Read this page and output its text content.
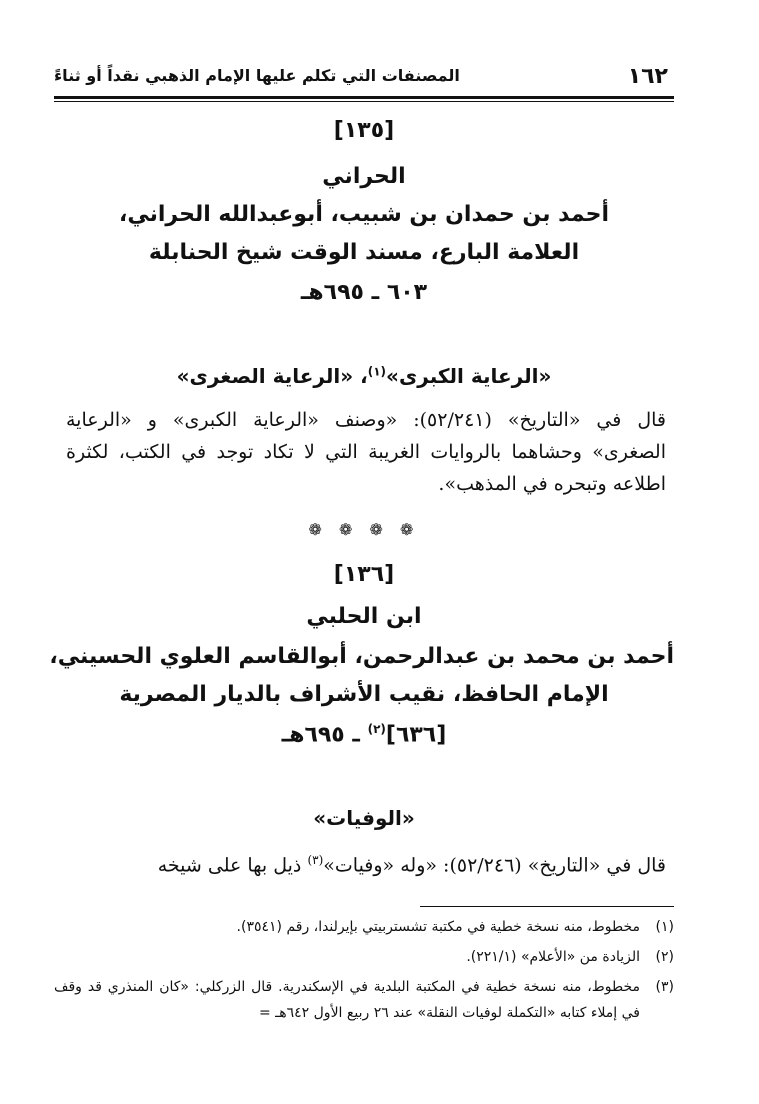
١٦٢
المصنفات التي تكلم عليها الإمام الذهبي نقداً أو ثناءً
[١٣٥]
الحراني
أحمد بن حمدان بن شبيب، أبوعبدالله الحراني،
العلامة البارع، مسند الوقت شيخ الحنابلة
٦٠٣ ـ ٦٩٥هـ
«الرعاية الكبرى»$^{(١)}$، «الرعاية الصغرى»
قال في «التاريخ» (٥٢/٢٤١): «وصنف «الرعاية الكبرى» و «الرعاية الصغرى» وحشاهما بالروايات الغريبة التي لا تكاد توجد في الكتب، لكثرة اطلاعه وتبحره في المذهب».
❁ ❁ ❁ ❁
[١٣٦]
ابن الحلبي
أحمد بن محمد بن عبدالرحمن، أبوالقاسم العلوي الحسيني،
الإمام الحافظ، نقيب الأشراف بالديار المصرية
[٦٣٦]$^{(٢)}$ ـ ٦٩٥هـ
«الوفيات»
قال في «التاريخ» (٥٢/٢٤٦): «وله «وفيات»$^{(٣)}$ ذيل بها على شيخه
(١)
مخطوط، منه نسخة خطية في مكتبة تشستربيتي بإيرلندا، رقم (٣٥٤١).
(٢)
الزيادة من «الأعلام» (٢٢١/١).
(٣)
مخطوط، منه نسخة خطية في المكتبة البلدية في الإسكندرية. قال الزركلي: «كان المنذري قد وقف في إملاء كتابه «التكملة لوفيات النقلة» عند ٢٦ ربيع الأول ٦٤٢هـ =
